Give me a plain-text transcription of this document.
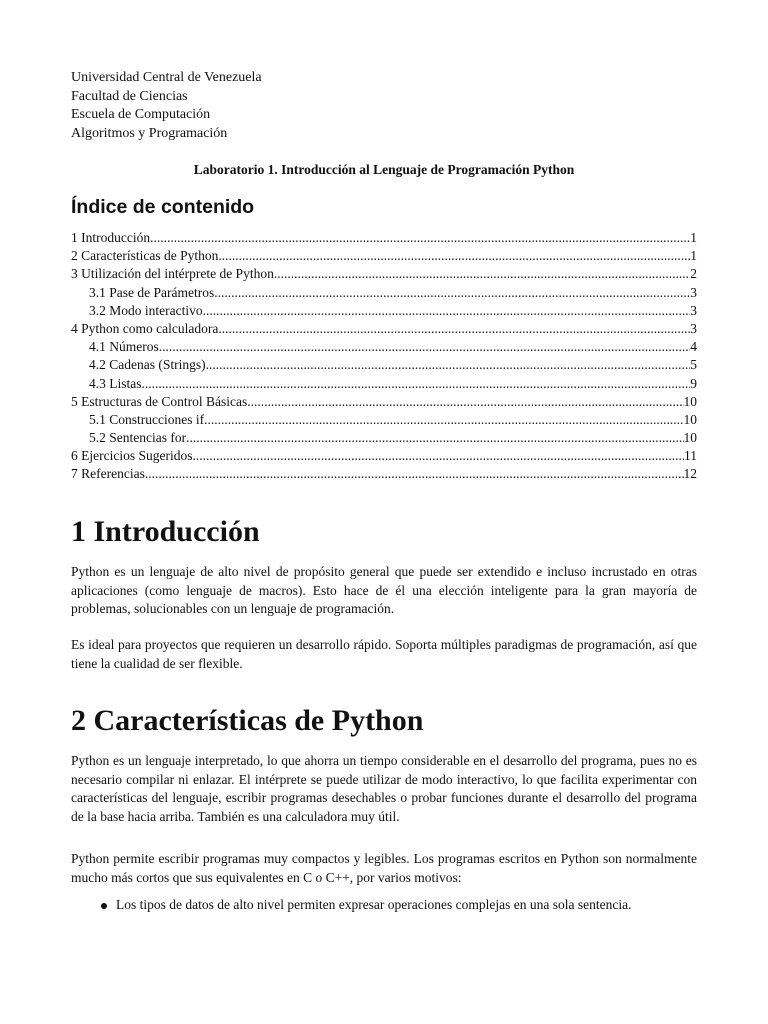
Universidad Central de Venezuela
Facultad de Ciencias
Escuela de Computación
Algoritmos y Programación
Laboratorio 1. Introducción al Lenguaje de Programación Python
Índice de contenido
1 Introducción .....	1
2 Características de Python .....	1
3 Utilización del intérprete de Python .....	2
3.1 Pase de Parámetros .....	3
3.2 Modo interactivo .....	3
4 Python como calculadora .....	3
4.1 Números .....	4
4.2 Cadenas (Strings) .....	5
4.3 Listas .....	9
5 Estructuras de Control Básicas .....	10
5.1 Construcciones if .....	10
5.2 Sentencias for .....	10
6 Ejercicios Sugeridos .....	11
7 Referencias .....	12
1 Introducción
Python es un lenguaje de alto nivel de propósito general que puede ser extendido e incluso incrustado en otras aplicaciones (como lenguaje de macros). Esto hace de él una elección inteligente para la gran mayoría de problemas, solucionables con un lenguaje de programación.
Es ideal para proyectos que requieren un desarrollo rápido. Soporta múltiples paradigmas de programación, así que tiene la cualidad de ser flexible.
2 Características de Python
Python es un lenguaje interpretado, lo que ahorra un tiempo considerable en el desarrollo del programa, pues no es necesario compilar ni enlazar. El intérprete se puede utilizar de modo interactivo, lo que facilita experimentar con características del lenguaje, escribir programas desechables o probar funciones durante el desarrollo del programa de la base hacia arriba. También es una calculadora muy útil.
Python permite escribir programas muy compactos y legibles. Los programas escritos en Python son normalmente mucho más cortos que sus equivalentes en C o C++, por varios motivos:
Los tipos de datos de alto nivel permiten expresar operaciones complejas en una sola sentencia.
